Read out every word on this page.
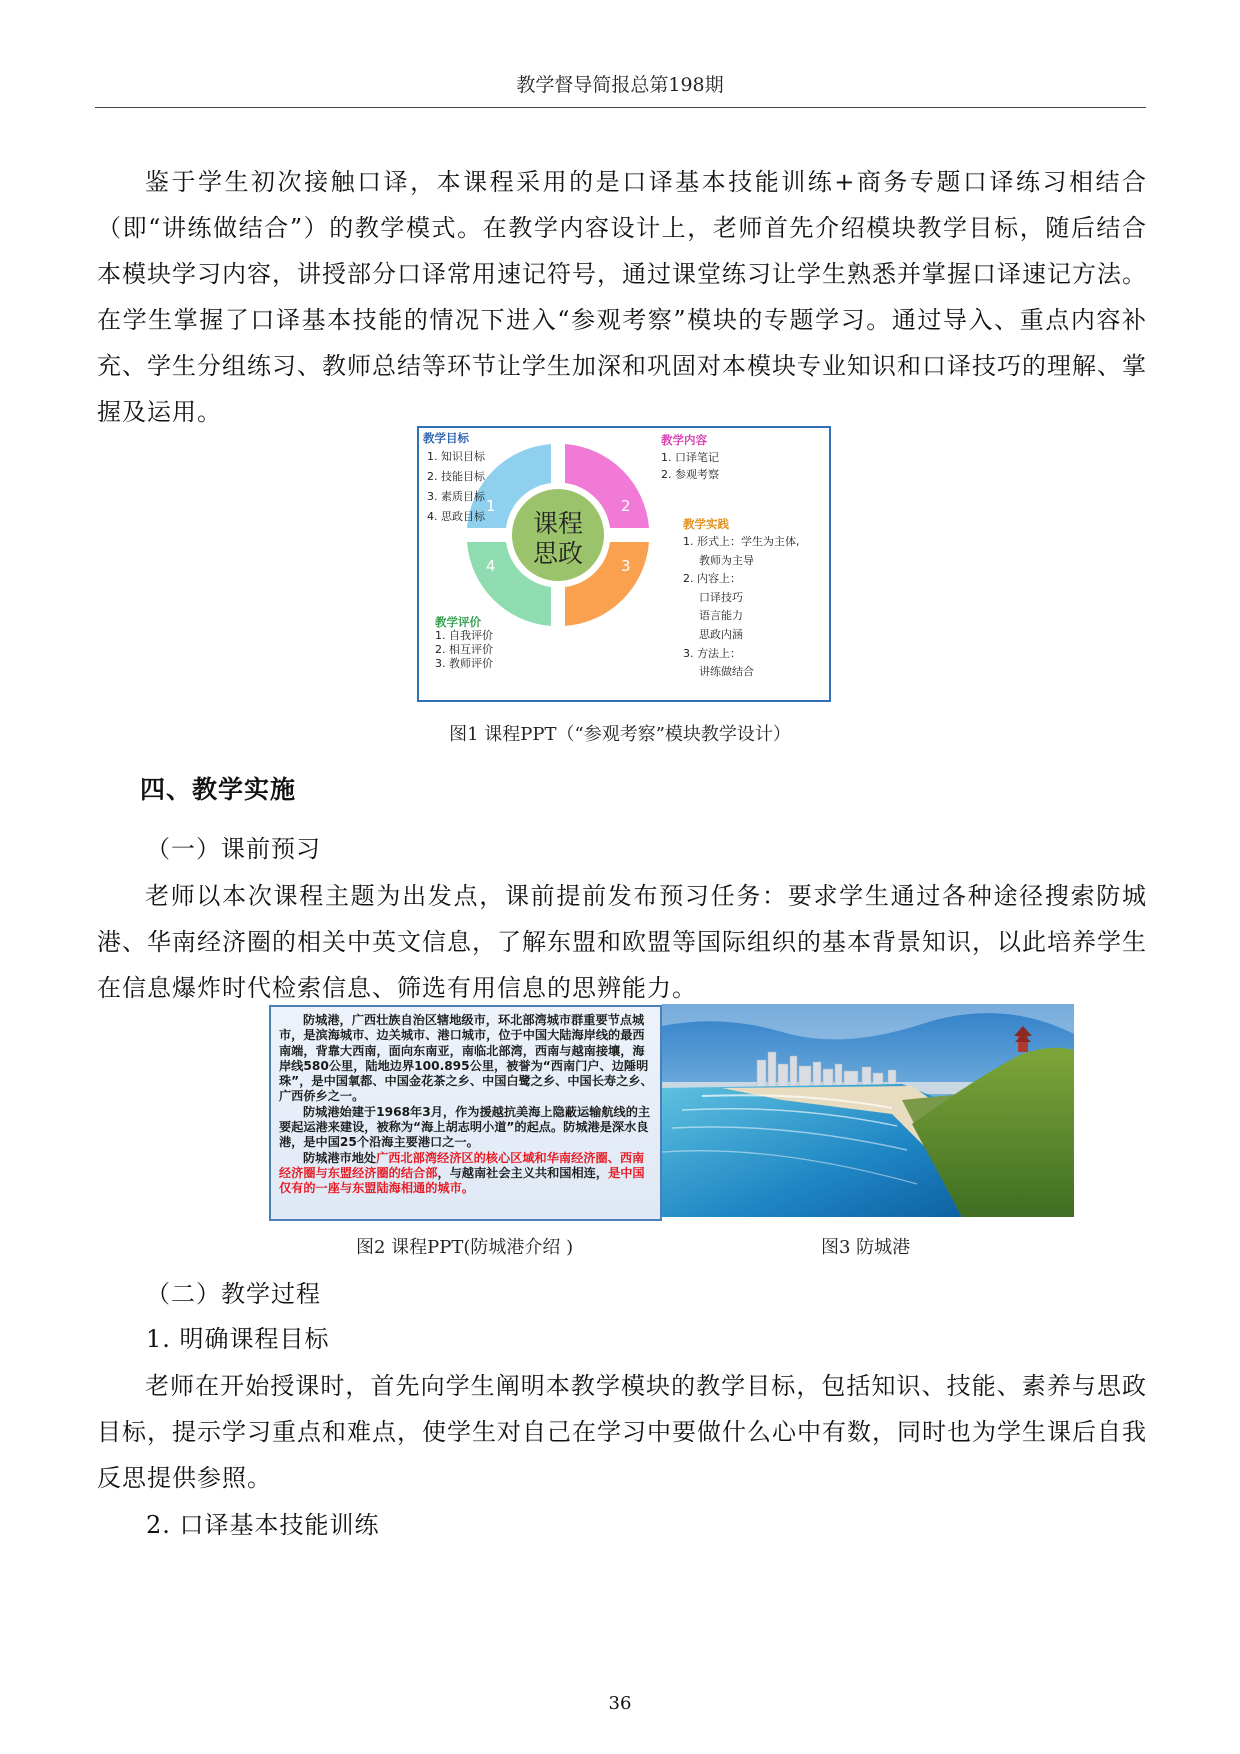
教学督导简报总第198期

鉴于学生初次接触口译，本课程采用的是口译基本技能训练+商务专题口译练习相结合（即“讲练做结合”）的教学模式。在教学内容设计上，老师首先介绍模块教学目标，随后结合本模块学习内容，讲授部分口译常用速记符号，通过课堂练习让学生熟悉并掌握口译速记方法。在学生掌握了口译基本技能的情况下进入“参观考察”模块的专题学习。通过导入、重点内容补充、学生分组练习、教师总结等环节让学生加深和巩固对本模块专业知识和口译技巧的理解、掌握及运用。

1	2
3
4
课程
思政
教学目标
1. 知识目标
2. 技能目标
3. 素质目标
4. 思政目标
教学内容
1. 口译笔记
2. 参观考察
教学实践
1. 形式上：学生为主体,
教师为主导
2. 内容上：
口译技巧
语言能力
思政内涵
3. 方法上：
讲练做结合
教学评价
1. 自我评价
2. 相互评价
3. 教师评价
图1 课程PPT（“参观考察”模块教学设计）
四、教学实施
（一）课前预习

老师以本次课程主题为出发点，课前提前发布预习任务：要求学生通过各种途径搜索防城港、华南经济圈的相关中英文信息，了解东盟和欧盟等国际组织的基本背景知识，以此培养学生在信息爆炸时代检索信息、筛选有用信息的思辨能力。

防城港，广西壮族自治区辖地级市，环北部湾城市群重要节点城市，是滨海城市、边关城市、港口城市，位于中国大陆海岸线的最西南端，背靠大西南，面向东南亚，南临北部湾，西南与越南接壤，海岸线580公里，陆地边界100.895公里，被誉为“西南门户、边陲明珠”，是中国氧都、中国金花茶之乡、中国白鹭之乡、中国长寿之乡、广西侨乡之一。

防城港始建于1968年3月，作为援越抗美海上隐蔽运输航线的主要起运港来建设，被称为“海上胡志明小道”的起点。防城港是深水良港，是中国25个沿海主要港口之一。

防城港市地处广西北部湾经济区的核心区域和华南经济圈、西南经济圈与东盟经济圈的结合部，与越南社会主义共和国相连，是中国仅有的一座与东盟陆海相通的城市。

图2 课程PPT(防城港介绍 )	图3 防城港
（二）教学过程
1. 明确课程目标

老师在开始授课时，首先向学生阐明本教学模块的教学目标，包括知识、技能、素养与思政目标，提示学习重点和难点，使学生对自己在学习中要做什么心中有数，同时也为学生课后自我反思提供参照。

2. 口译基本技能训练
36
